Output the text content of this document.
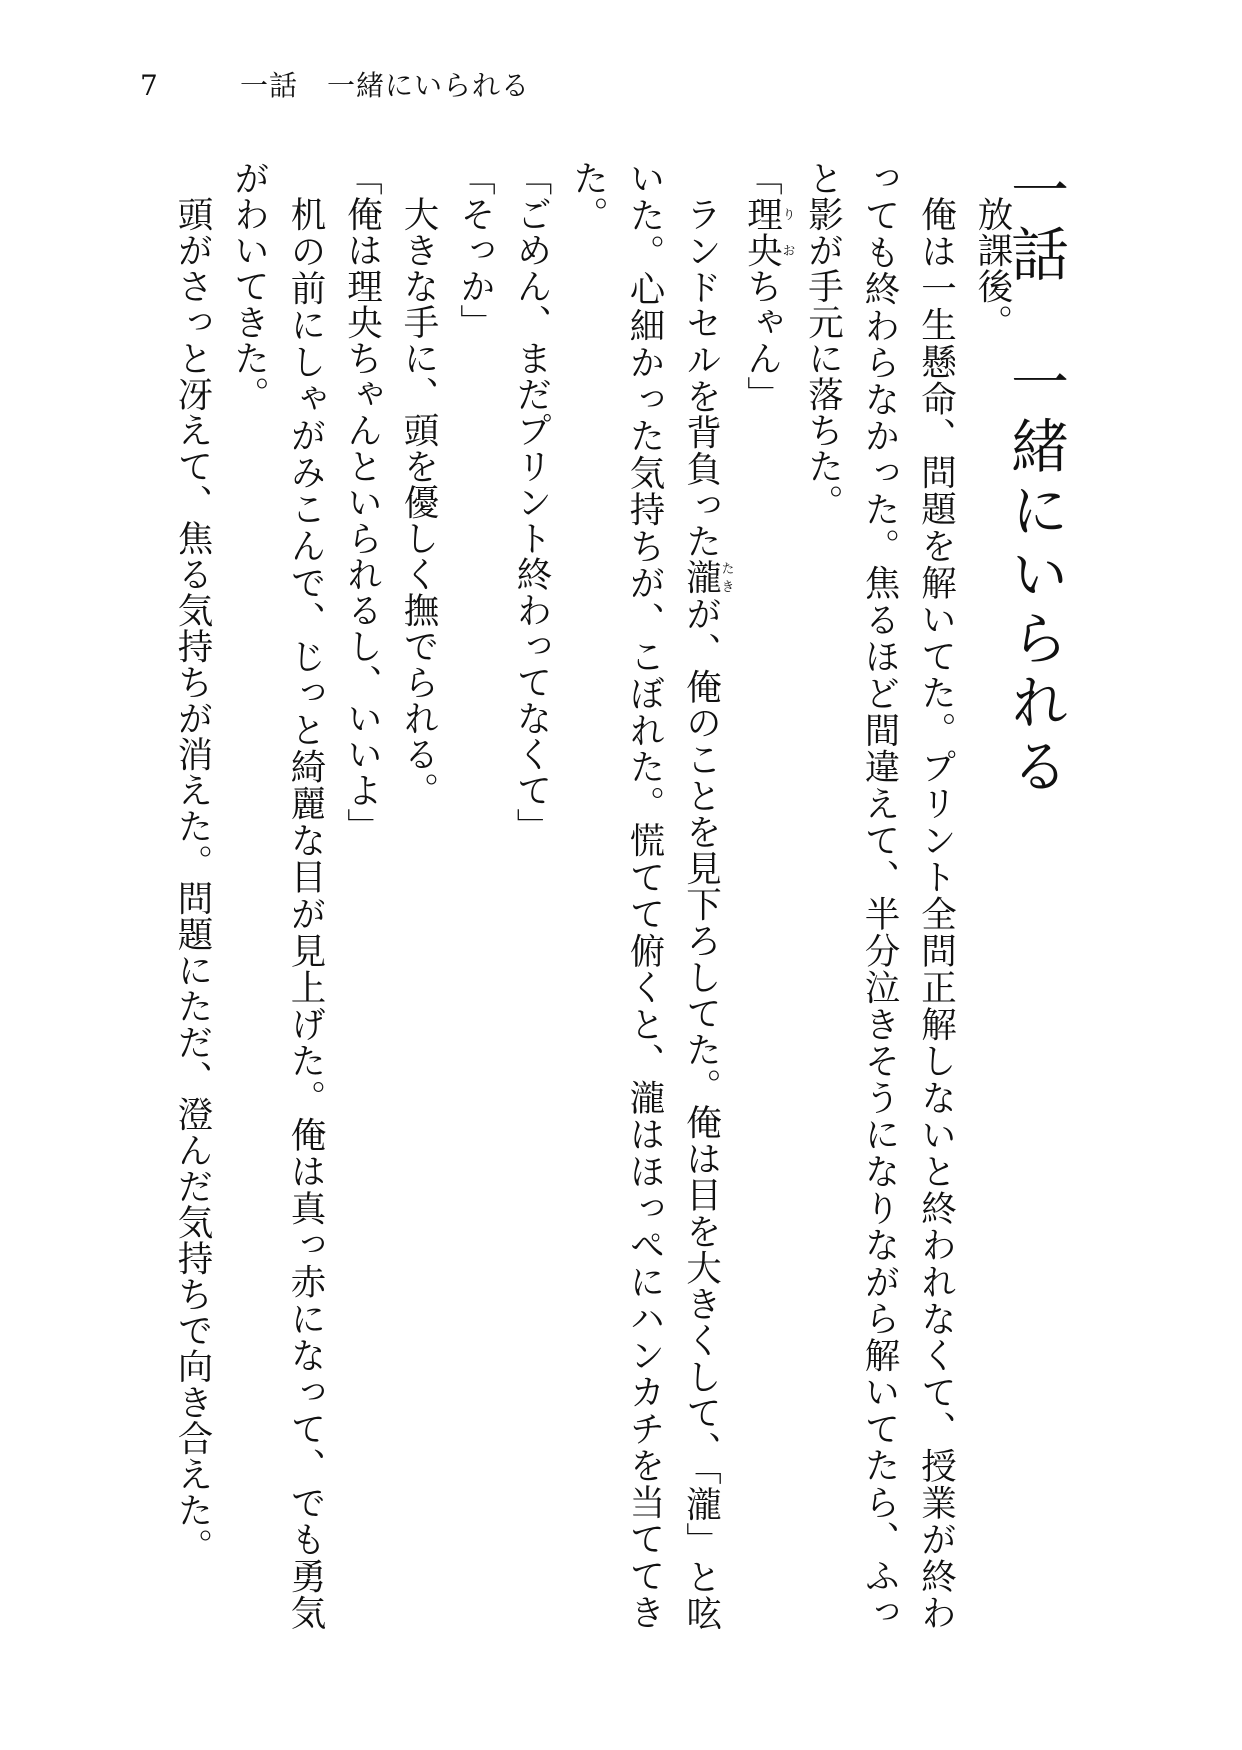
7	一話　一緒にいられる
一話　一緒にいられる

放課後。

俺は一生懸命、問題を解いてた。プリント全問正解しないと終われなくて、授業が終わっても終わらなかった。焦るほど間違えて、半分泣きそうになりながら解いてたら、ふっと影が手元に落ちた。

「理央りおちゃん」

ランドセルを背負った瀧たきが、俺のことを見下ろしてた。俺は目を大きくして、「瀧」と呟いた。心細かった気持ちが、こぼれた。慌てて俯くと、瀧はほっぺにハンカチを当ててきた。

「ごめん、まだプリント終わってなくて」

「そっか」

大きな手に、頭を優しく撫でられる。

「俺は理央ちゃんといられるし、いいよ」

机の前にしゃがみこんで、じっと綺麗な目が見上げた。俺は真っ赤になって、でも勇気がわいてきた。

頭がさっと冴えて、焦る気持ちが消えた。問題にただ、澄んだ気持ちで向き合えた。
